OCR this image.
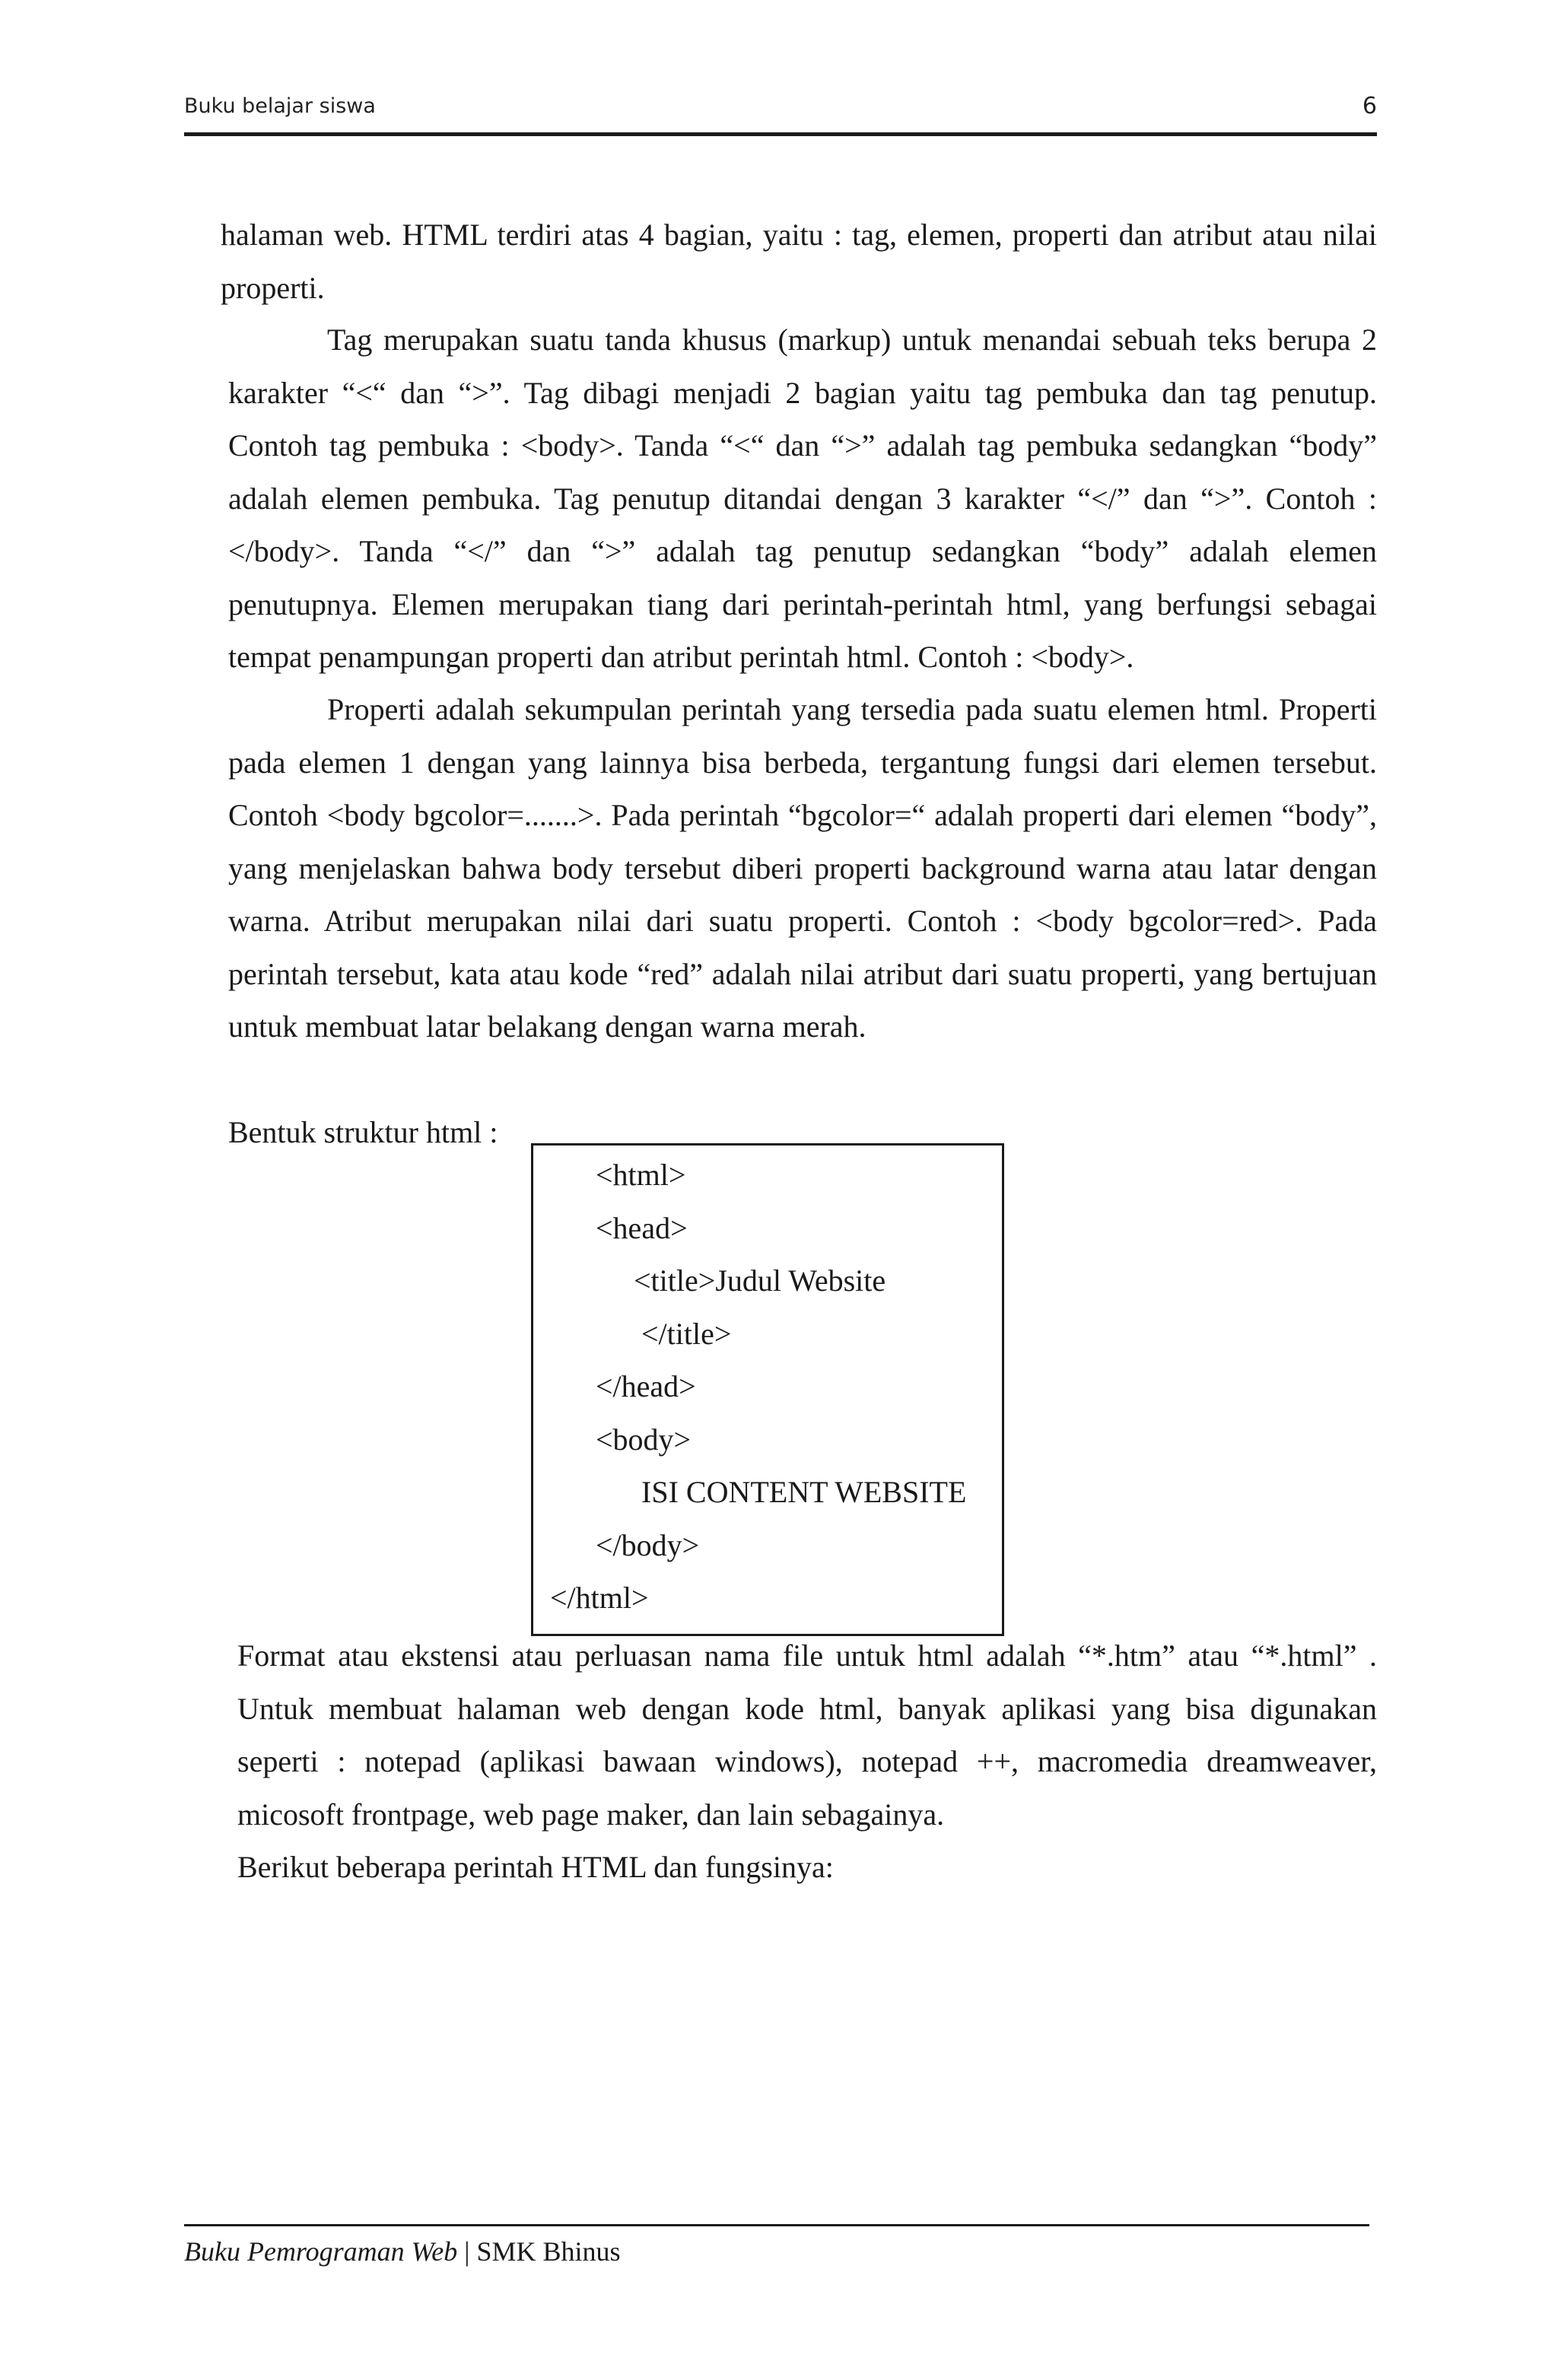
Buku belajar siswa	6

halaman web. HTML terdiri atas 4 bagian, yaitu : tag, elemen, properti dan atribut atau nilai properti.

Tag merupakan suatu tanda khusus (markup) untuk menandai sebuah teks berupa 2 karakter “<“ dan “>”. Tag dibagi menjadi 2 bagian yaitu tag pembuka dan tag penutup. Contoh tag pembuka : <body>. Tanda “<“ dan “>” adalah tag pembuka sedangkan “body” adalah elemen pembuka. Tag penutup ditandai dengan 3 karakter “</” dan “>”. Contoh : </body>. Tanda “</” dan “>” adalah tag penutup sedangkan “body” adalah elemen penutupnya. Elemen merupakan tiang dari perintah-perintah html, yang berfungsi sebagai tempat penampungan properti dan atribut perintah html. Contoh : <body>.

Properti adalah sekumpulan perintah yang tersedia pada suatu elemen html. Properti pada elemen 1 dengan yang lainnya bisa berbeda, tergantung fungsi dari elemen tersebut. Contoh <body bgcolor=.......>. Pada perintah “bgcolor=“ adalah properti dari elemen “body”, yang menjelaskan bahwa body tersebut diberi properti background warna atau latar dengan warna. Atribut merupakan nilai dari suatu properti. Contoh : <body bgcolor=red>. Pada perintah tersebut, kata atau kode “red” adalah nilai atribut dari suatu properti, yang bertujuan untuk membuat latar belakang dengan warna merah.

Bentuk struktur html :

<html>
<head>
<title>Judul Website
</title>
</head>
<body>
ISI CONTENT WEBSITE
</body>
</html>

Format atau ekstensi atau perluasan nama file untuk html adalah “*.htm” atau “*.html” . Untuk membuat halaman web dengan kode html, banyak aplikasi yang bisa digunakan seperti : notepad (aplikasi bawaan windows), notepad ++, macromedia dreamweaver, micosoft frontpage, web page maker, dan lain sebagainya.

Berikut beberapa perintah HTML dan fungsinya:

Buku Pemrograman Web | SMK Bhinus
